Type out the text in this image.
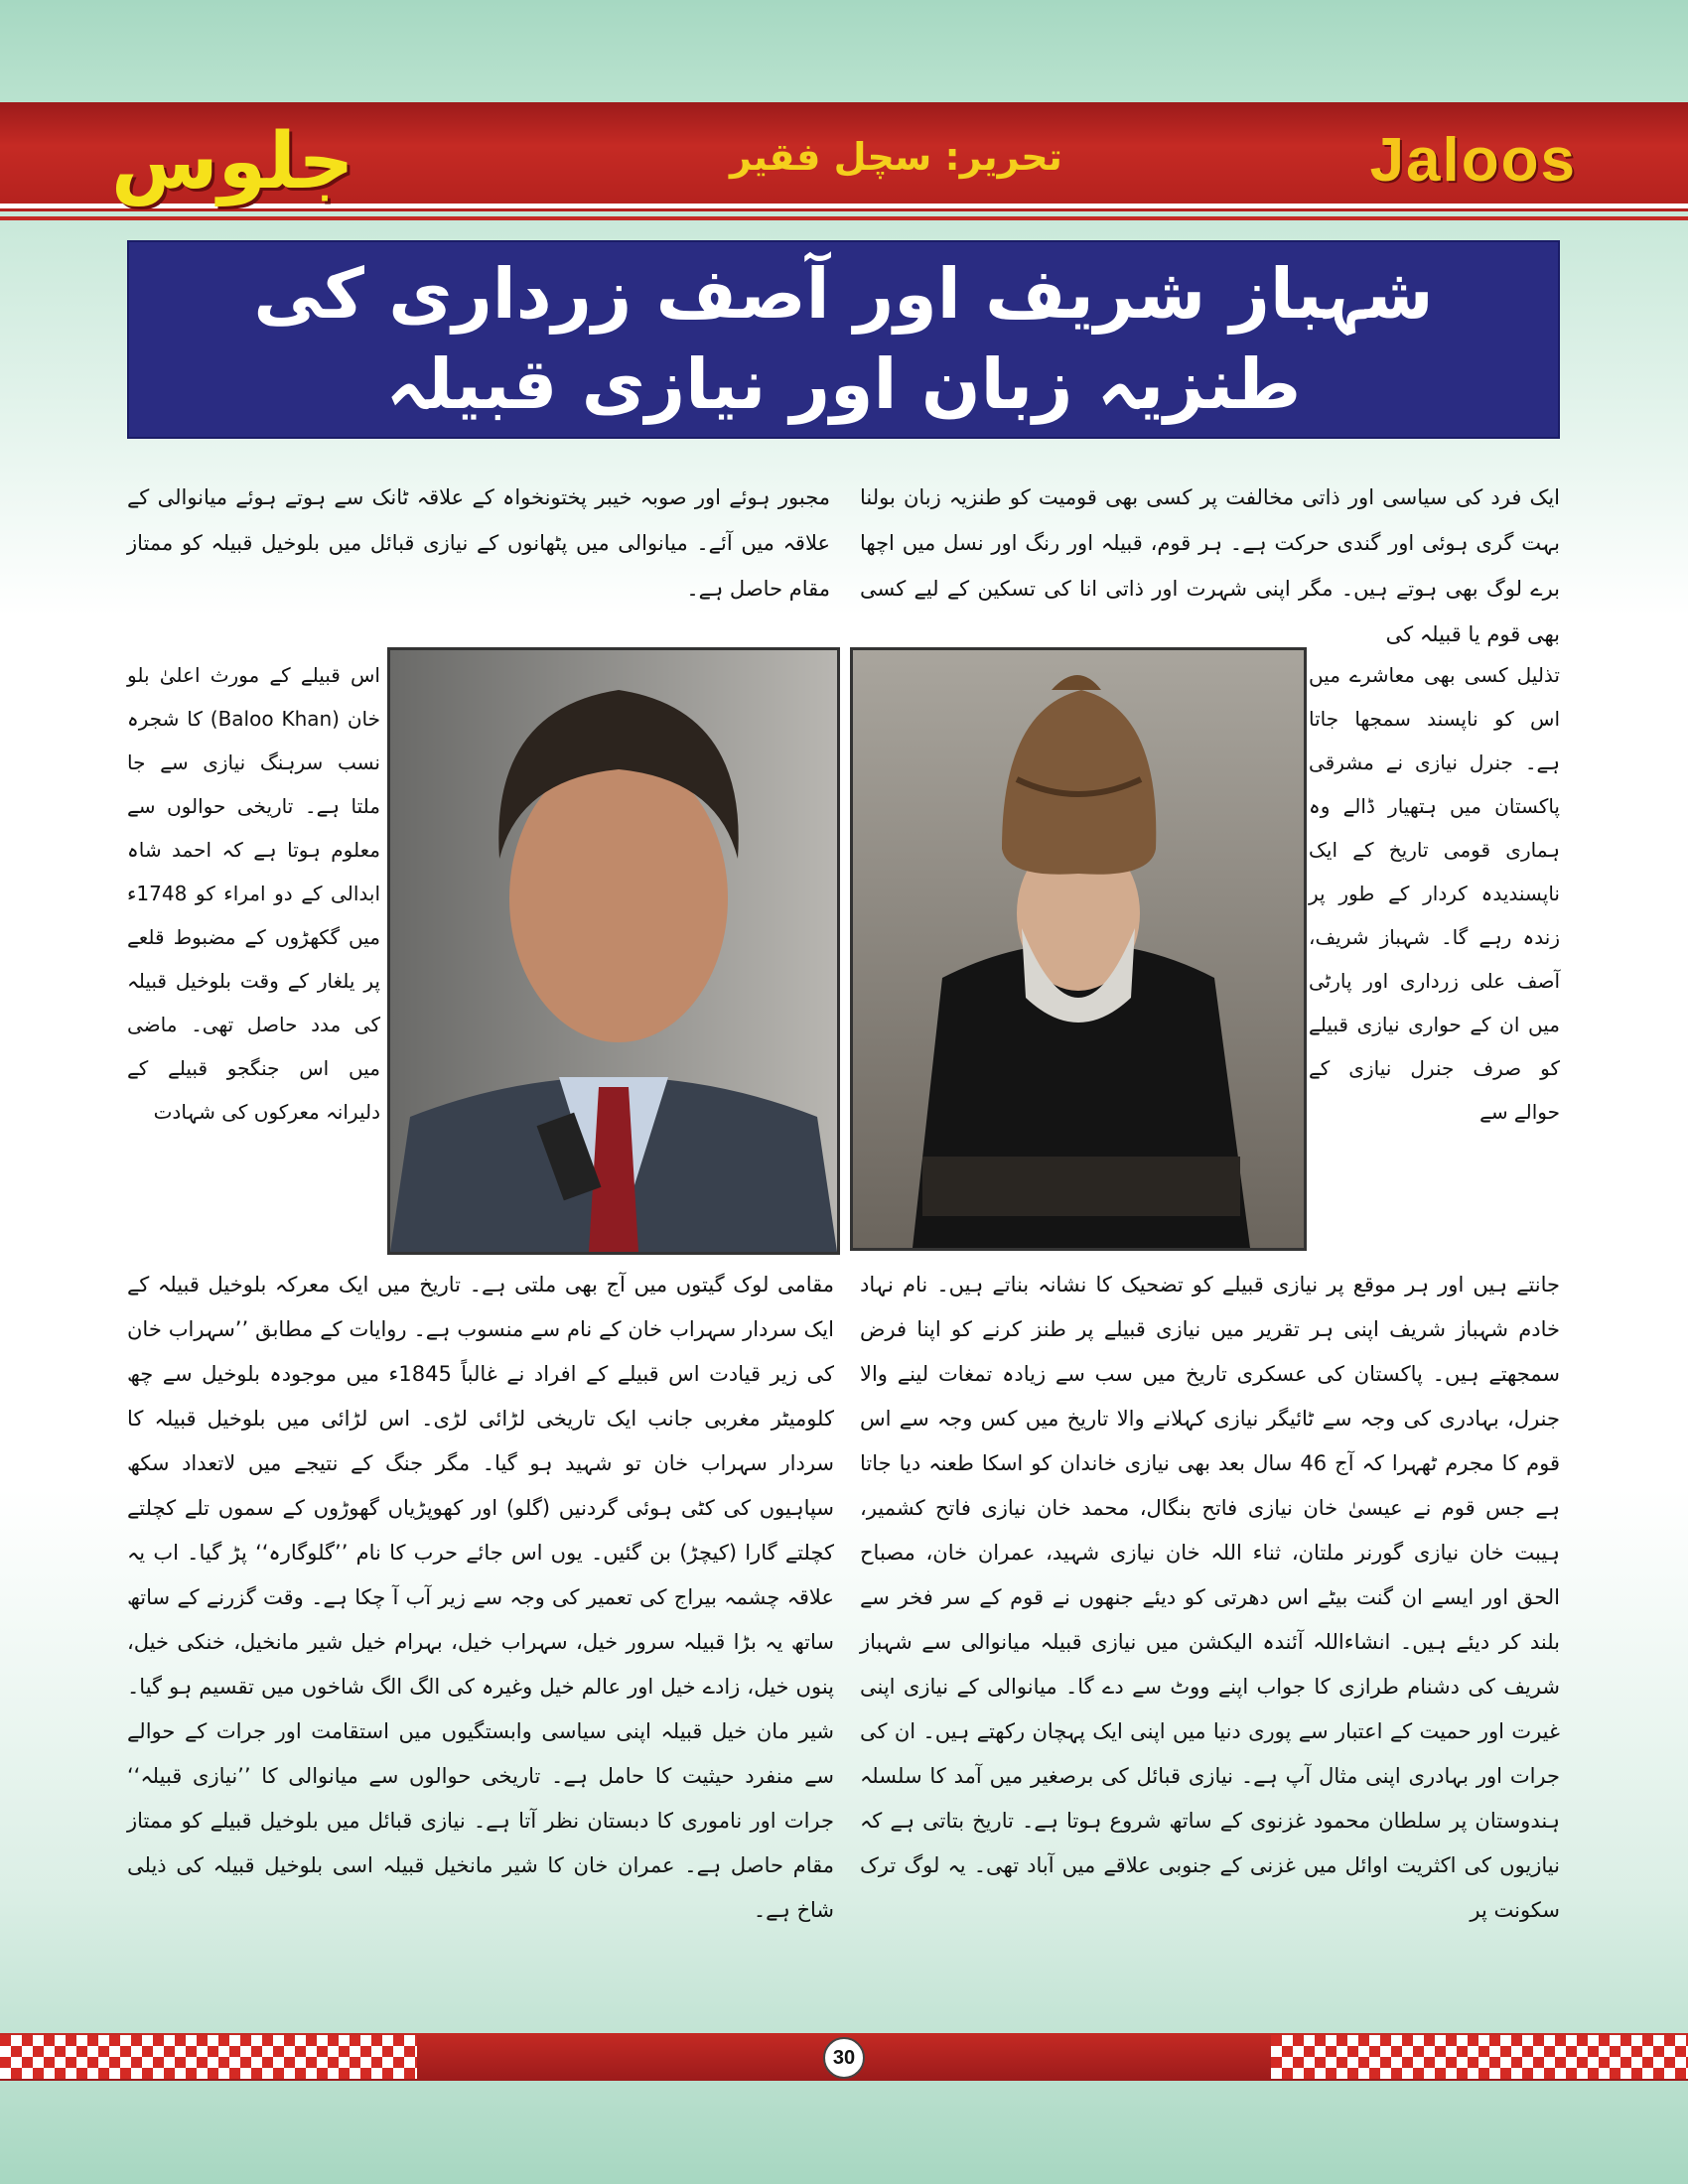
جلوس	تحریر: سچل فقیر	Jaloos
شہباز شریف اور آصف زرداری کی طنزیہ زبان اور نیازی قبیلہ

ایک فرد کی سیاسی اور ذاتی مخالفت پر کسی بھی قومیت کو طنزیہ زبان بولنا بہت گری ہوئی اور گندی حرکت ہے۔ ہر قوم، قبیلہ اور رنگ اور نسل میں اچھا برے لوگ بھی ہوتے ہیں۔ مگر اپنی شہرت اور ذاتی انا کی تسکین کے لیے کسی بھی قوم یا قبیلہ کی

تذلیل کسی بھی معاشرے میں اس کو ناپسند سمجھا جاتا ہے۔ جنرل نیازی نے مشرقی پاکستان میں ہتھیار ڈالے وہ ہماری قومی تاریخ کے ایک ناپسندیدہ کردار کے طور پر زندہ رہے گا۔ شہباز شریف، آصف علی زرداری اور پارٹی میں ان کے حواری نیازی قبیلے کو صرف جنرل نیازی کے حوالے سے

مجبور ہوئے اور صوبہ خیبر پختونخواہ کے علاقہ ٹانک سے ہوتے ہوئے میانوالی کے علاقہ میں آئے۔ میانوالی میں پٹھانوں کے نیازی قبائل میں بلوخیل قبیلہ کو ممتاز مقام حاصل ہے۔

اس قبیلے کے مورث اعلیٰ بلو خان (Baloo Khan) کا شجرہ نسب سرہنگ نیازی سے جا ملتا ہے۔ تاریخی حوالوں سے معلوم ہوتا ہے کہ احمد شاہ ابدالی کے دو امراء کو 1748ء میں گکھڑوں کے مضبوط قلعے پر یلغار کے وقت بلوخیل قبیلہ کی مدد حاصل تھی۔ ماضی میں اس جنگجو قبیلے کے دلیرانہ معرکوں کی شہادت

جانتے ہیں اور ہر موقع پر نیازی قبیلے کو تضحیک کا نشانہ بناتے ہیں۔ نام نہاد خادم شہباز شریف اپنی ہر تقریر میں نیازی قبیلے پر طنز کرنے کو اپنا فرض سمجھتے ہیں۔ پاکستان کی عسکری تاریخ میں سب سے زیادہ تمغات لینے والا جنرل، بہادری کی وجہ سے ٹائیگر نیازی کہلانے والا تاریخ میں کس وجہ سے اس قوم کا مجرم ٹھہرا کہ آج 46 سال بعد بھی نیازی خاندان کو اسکا طعنہ دیا جاتا ہے جس قوم نے عیسیٰ خان نیازی فاتح بنگال، محمد خان نیازی فاتح کشمیر، ہیبت خان نیازی گورنر ملتان، ثناء اللہ خان نیازی شہید، عمران خان، مصباح الحق اور ایسے ان گنت بیٹے اس دھرتی کو دیئے جنھوں نے قوم کے سر فخر سے بلند کر دیئے ہیں۔ انشاءاللہ آئندہ الیکشن میں نیازی قبیلہ میانوالی سے شہباز شریف کی دشنام طرازی کا جواب اپنے ووٹ سے دے گا۔ میانوالی کے نیازی اپنی غیرت اور حمیت کے اعتبار سے پوری دنیا میں اپنی ایک پہچان رکھتے ہیں۔ ان کی جرات اور بہادری اپنی مثال آپ ہے۔ نیازی قبائل کی برصغیر میں آمد کا سلسلہ ہندوستان پر سلطان محمود غزنوی کے ساتھ شروع ہوتا ہے۔ تاریخ بتاتی ہے کہ نیازیوں کی اکثریت اوائل میں غزنی کے جنوبی علاقے میں آباد تھی۔ یہ لوگ ترک سکونت پر

مقامی لوک گیتوں میں آج بھی ملتی ہے۔ تاریخ میں ایک معرکہ بلوخیل قبیلہ کے ایک سردار سہراب خان کے نام سے منسوب ہے۔ روایات کے مطابق ’’سہراب خان کی زیر قیادت اس قبیلے کے افراد نے غالباً 1845ء میں موجودہ بلوخیل سے چھ کلومیٹر مغربی جانب ایک تاریخی لڑائی لڑی۔ اس لڑائی میں بلوخیل قبیلہ کا سردار سہراب خان تو شہید ہو گیا۔ مگر جنگ کے نتیجے میں لاتعداد سکھ سپاہیوں کی کٹی ہوئی گردنیں (گلو) اور کھوپڑیاں گھوڑوں کے سموں تلے کچلتے کچلتے گارا (کیچڑ) بن گئیں۔ یوں اس جائے حرب کا نام ’’گلوگارہ‘‘ پڑ گیا۔ اب یہ علاقہ چشمہ بیراج کی تعمیر کی وجہ سے زیر آب آ چکا ہے۔ وقت گزرنے کے ساتھ ساتھ یہ بڑا قبیلہ سرور خیل، سہراب خیل، بہرام خیل شیر مانخیل، خنکی خیل، پنوں خیل، زادے خیل اور عالم خیل وغیرہ کی الگ الگ شاخوں میں تقسیم ہو گیا۔ شیر مان خیل قبیلہ اپنی سیاسی وابستگیوں میں استقامت اور جرات کے حوالے سے منفرد حیثیت کا حامل ہے۔ تاریخی حوالوں سے میانوالی کا ’’نیازی قبیلہ‘‘ جرات اور ناموری کا دبستان نظر آتا ہے۔ نیازی قبائل میں بلوخیل قبیلے کو ممتاز مقام حاصل ہے۔ عمران خان کا شیر مانخیل قبیلہ اسی بلوخیل قبیلہ کی ذیلی شاخ ہے۔

30
